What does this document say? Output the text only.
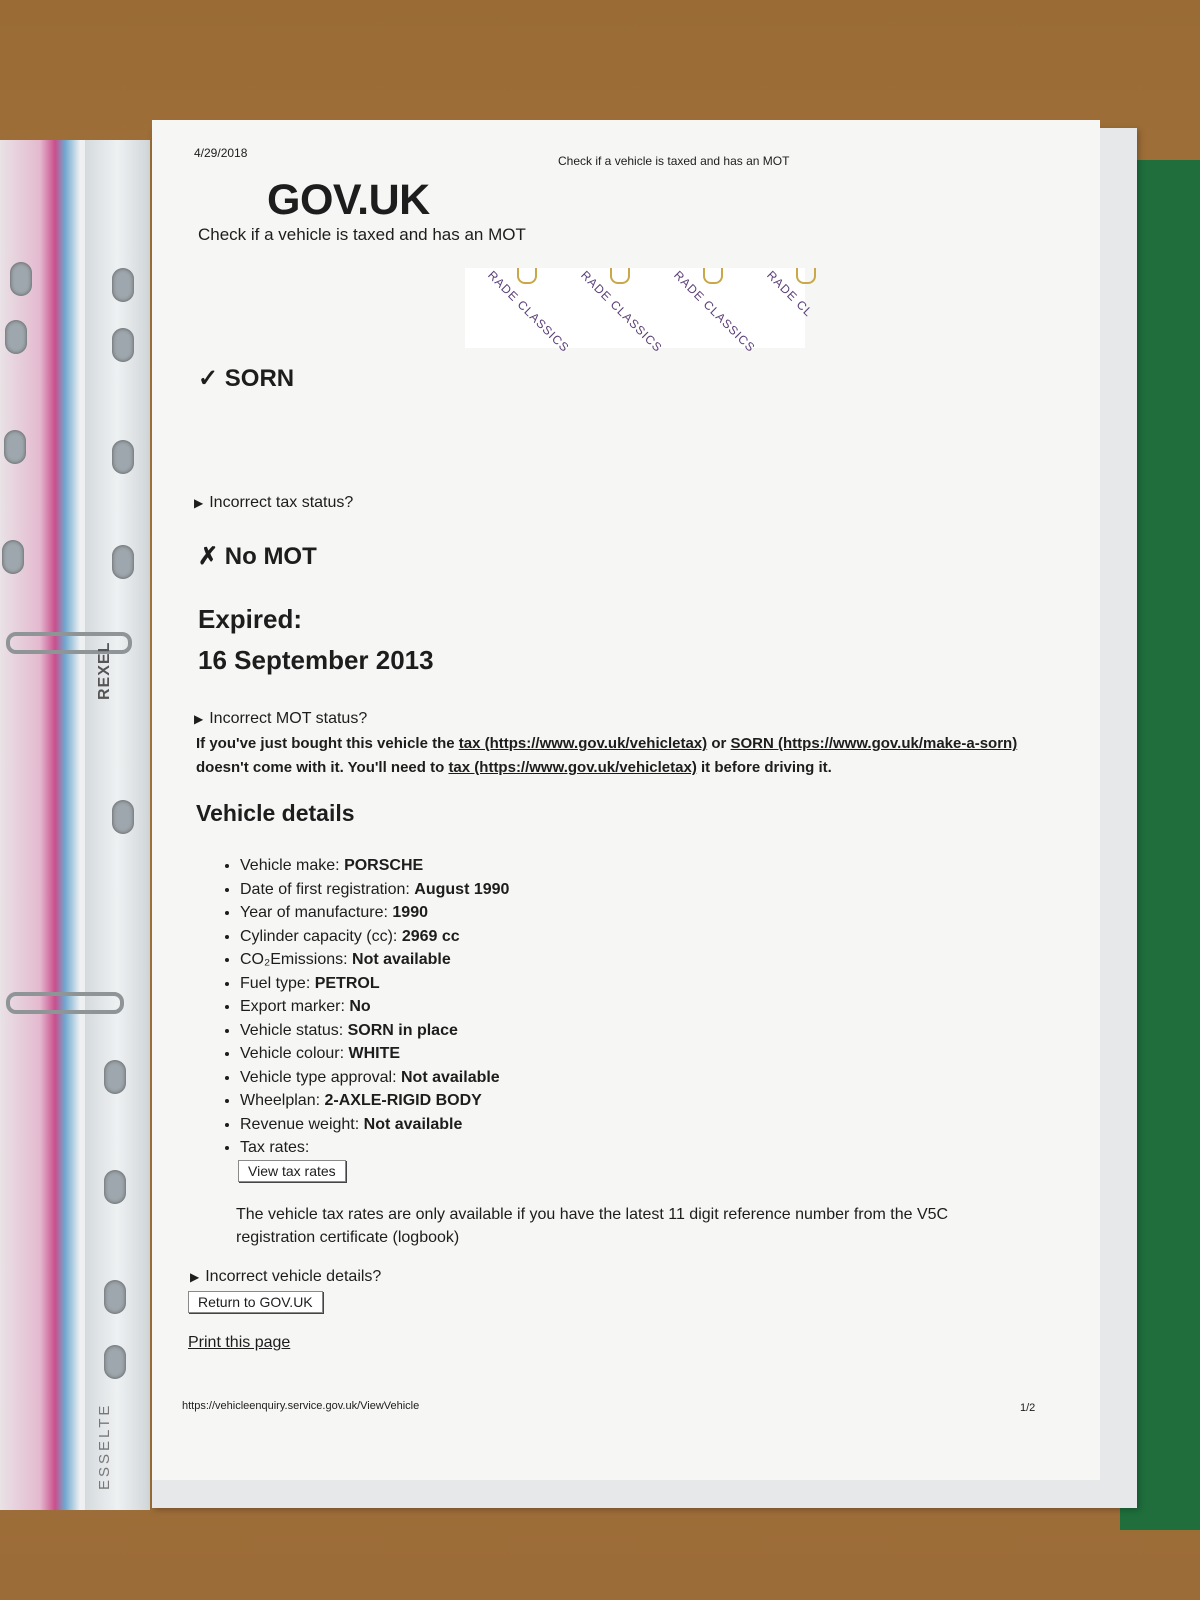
REXEL
ESSELTE
4/29/2018
Check if a vehicle is taxed and has an MOT
GOV.UK
Check if a vehicle is taxed and has an MOT
RADE CLASSICS RADE CLASSICS RADE CLASSICS RADE CL
✓ SORN
▶ Incorrect tax status?
✗ No MOT
Expired:
16 September 2013
▶ Incorrect MOT status?
If you've just bought this vehicle the tax (https://www.gov.uk/vehicletax) or SORN (https://www.gov.uk/make-a-sorn) doesn't come with it. You'll need to tax (https://www.gov.uk/vehicletax) it before driving it.
Vehicle details
• Vehicle make: PORSCHE
• Date of first registration: August 1990
• Year of manufacture: 1990
• Cylinder capacity (cc): 2969 cc
• CO₂Emissions: Not available
• Fuel type: PETROL
• Export marker: No
• Vehicle status: SORN in place
• Vehicle colour: WHITE
• Vehicle type approval: Not available
• Wheelplan: 2-AXLE-RIGID BODY
• Revenue weight: Not available
• Tax rates:
View tax rates
The vehicle tax rates are only available if you have the latest 11 digit reference number from the V5C registration certificate (logbook)
▶ Incorrect vehicle details?
Return to GOV.UK
Print this page
https://vehicleenquiry.service.gov.uk/ViewVehicle	1/2
